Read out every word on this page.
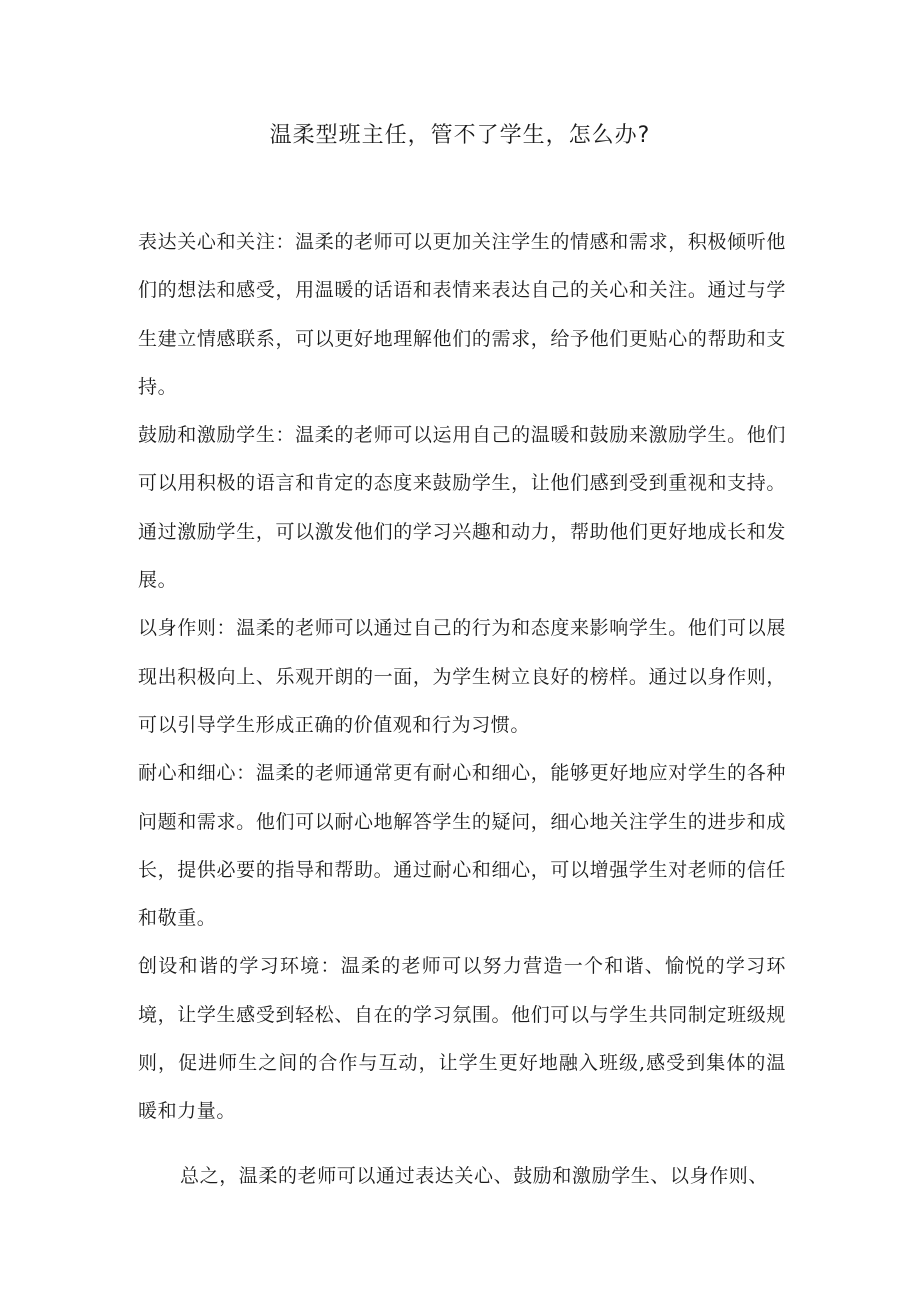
温柔型班主任，管不了学生，怎么办?

表达关心和关注：温柔的老师可以更加关注学生的情感和需求，积极倾听他们的想法和感受，用温暖的话语和表情来表达自己的关心和关注。通过与学生建立情感联系，可以更好地理解他们的需求，给予他们更贴心的帮助和支持。

鼓励和激励学生：温柔的老师可以运用自己的温暖和鼓励来激励学生。他们可以用积极的语言和肯定的态度来鼓励学生，让他们感到受到重视和支持。通过激励学生，可以激发他们的学习兴趣和动力，帮助他们更好地成长和发展。

以身作则：温柔的老师可以通过自己的行为和态度来影响学生。他们可以展现出积极向上、乐观开朗的一面，为学生树立良好的榜样。通过以身作则，可以引导学生形成正确的价值观和行为习惯。

耐心和细心：温柔的老师通常更有耐心和细心，能够更好地应对学生的各种问题和需求。他们可以耐心地解答学生的疑问，细心地关注学生的进步和成长，提供必要的指导和帮助。通过耐心和细心，可以增强学生对老师的信任和敬重。

创设和谐的学习环境：温柔的老师可以努力营造一个和谐、愉悦的学习环境，让学生感受到轻松、自在的学习氛围。他们可以与学生共同制定班级规则，促进师生之间的合作与互动，让学生更好地融入班级,感受到集体的温暖和力量。

总之，温柔的老师可以通过表达关心、鼓励和激励学生、以身作则、
